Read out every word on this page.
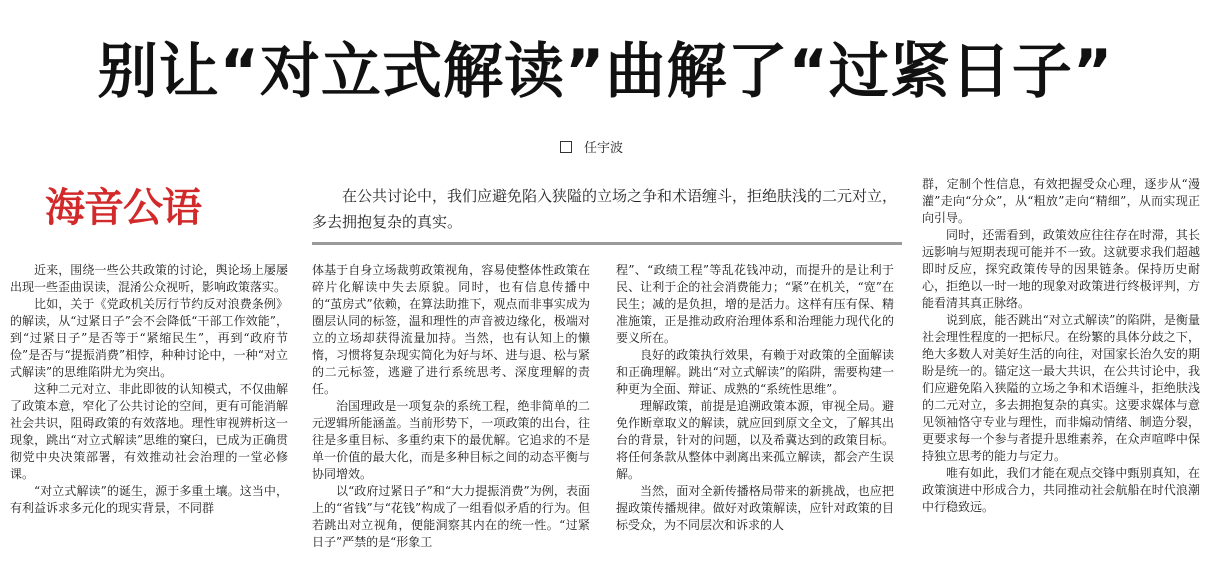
别让“对立式解读”曲解了“过紧日子”
任宇波
海音公语	在公共讨论中，我们应避免陷入狭隘的立场之争和术语缠斗，拒绝肤浅的二元对立，多去拥抱复杂的真实。

近来，围绕一些公共政策的讨论，舆论场上屡屡出现一些歪曲误读，混淆公众视听，影响政策落实。

比如，关于《党政机关厉行节约反对浪费条例》的解读，从“过紧日子”会不会降低“干部工作效能”，到“过紧日子”是否等于“紧缩民生”，再到“政府节俭”是否与“提振消费”相悖，种种讨论中，一种“对立式解读”的思维陷阱尤为突出。

这种二元对立、非此即彼的认知模式，不仅曲解了政策本意，窄化了公共讨论的空间，更有可能消解社会共识，阻碍政策的有效落地。理性审视辨析这一现象，跳出“对立式解读”思维的窠臼，已成为正确贯彻党中央决策部署，有效推动社会治理的一堂必修课。

“对立式解读”的诞生，源于多重土壤。这当中，有利益诉求多元化的现实背景，不同群

体基于自身立场裁剪政策视角，容易使整体性政策在碎片化解读中失去原貌。同时，也有信息传播中的“茧房式”依赖，在算法助推下，观点而非事实成为圈层认同的标签，温和理性的声音被边缘化，极端对立的立场却获得流量加持。当然，也有认知上的懒惰，习惯将复杂现实简化为好与坏、进与退、松与紧的二元标签，逃避了进行系统思考、深度理解的责任。

治国理政是一项复杂的系统工程，绝非简单的二元逻辑所能涵盖。当前形势下，一项政策的出台，往往是多重目标、多重约束下的最优解。它追求的不是单一价值的最大化，而是多种目标之间的动态平衡与协同增效。

以“政府过紧日子”和“大力提振消费”为例，表面上的“省钱”与“花钱”构成了一组看似矛盾的行为。但若跳出对立视角，便能洞察其内在的统一性。“过紧日子”严禁的是“形象工

程”、“政绩工程”等乱花钱冲动，而提升的是让利于民、让利于企的社会消费能力；“紧”在机关，“宽”在民生；减的是负担，增的是活力。这样有压有保、精准施策，正是推动政府治理体系和治理能力现代化的要义所在。

良好的政策执行效果，有赖于对政策的全面解读和正确理解。跳出“对立式解读”的陷阱，需要构建一种更为全面、辩证、成熟的“系统性思维”。

理解政策，前提是追溯政策本源，审视全局。避免作断章取义的解读，就应回到原文全文，了解其出台的背景，针对的问题，以及希冀达到的政策目标。将任何条款从整体中剥离出来孤立解读，都会产生误解。

当然，面对全新传播格局带来的新挑战，也应把握政策传播规律。做好对政策解读，应针对政策的目标受众，为不同层次和诉求的人

群，定制个性信息，有效把握受众心理，逐步从“漫灌”走向“分众”，从“粗放”走向“精细”，从而实现正向引导。

同时，还需看到，政策效应往往存在时滞，其长远影响与短期表现可能并不一致。这就要求我们超越即时反应，探究政策传导的因果链条。保持历史耐心，拒绝以一时一地的现象对政策进行终极评判，方能看清其真正脉络。

说到底，能否跳出“对立式解读”的陷阱，是衡量社会理性程度的一把标尺。在纷繁的具体分歧之下，绝大多数人对美好生活的向往，对国家长治久安的期盼是统一的。锚定这一最大共识，在公共讨论中，我们应避免陷入狭隘的立场之争和术语缠斗，拒绝肤浅的二元对立，多去拥抱复杂的真实。这要求媒体与意见领袖恪守专业与理性，而非煽动情绪、制造分裂，更要求每一个参与者提升思维素养，在众声喧哗中保持独立思考的能力与定力。

唯有如此，我们才能在观点交锋中甄别真知，在政策演进中形成合力，共同推动社会航船在时代浪潮中行稳致远。
